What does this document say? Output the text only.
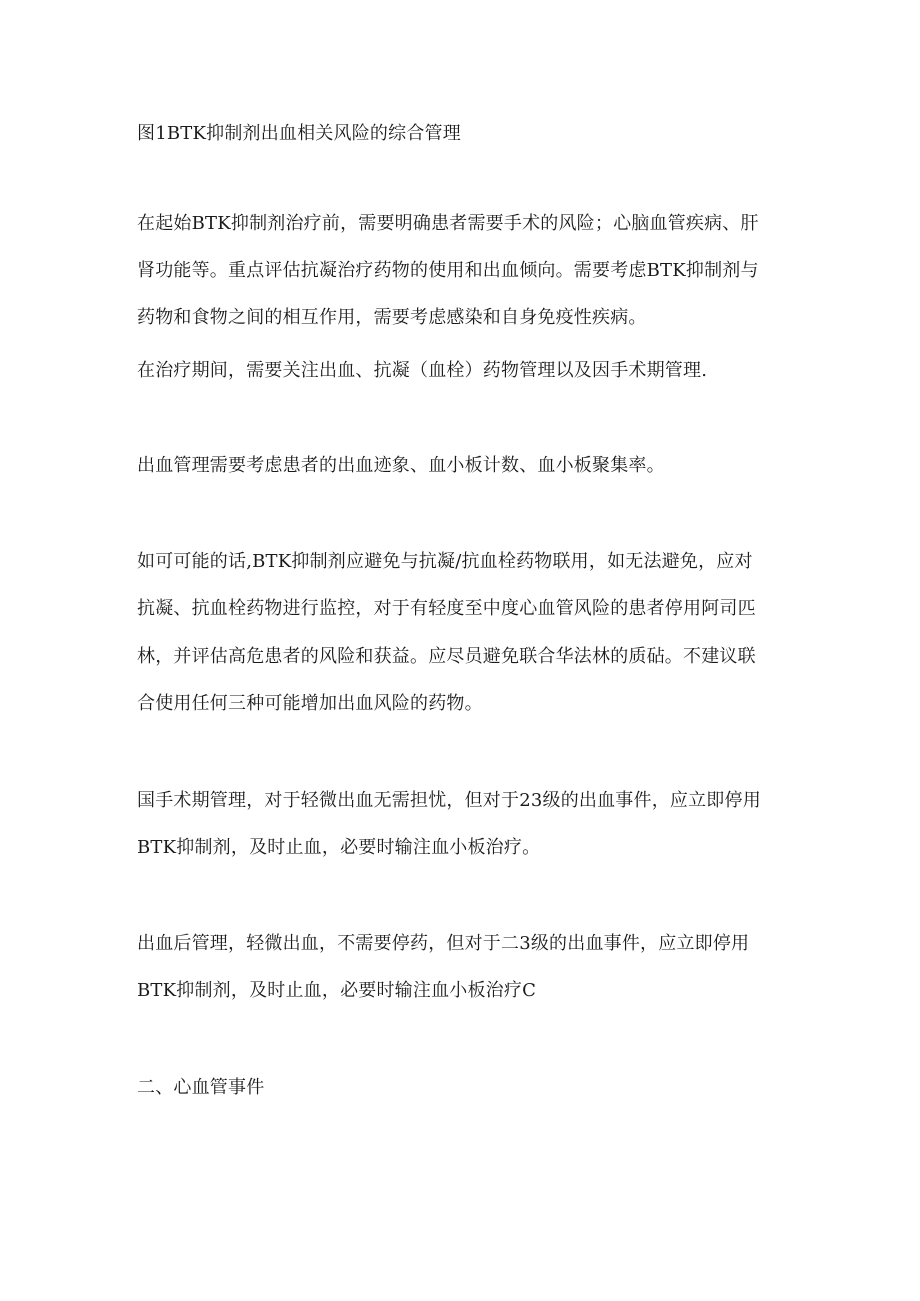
图1BTK抑制剂出血相关风险的综合管理
在起始BTK抑制剂治疗前，需要明确患者需要手术的风险；心脑血管疾病、肝
肾功能等。重点评估抗凝治疗药物的使用和出血倾向。需要考虑BTK抑制剂与
药物和食物之间的相互作用，需要考虑感染和自身免疫性疾病。
在治疗期间，需要关注出血、抗凝（血栓）药物管理以及因手术期管理.
出血管理需要考虑患者的出血迹象、血小板计数、血小板聚集率。
如可可能的话,BTK抑制剂应避免与抗凝/抗血栓药物联用，如无法避免，应对
抗凝、抗血栓药物进行监控，对于有轻度至中度心血管风险的患者停用阿司匹
林，并评估高危患者的风险和获益。应尽员避免联合华法林的质砧。不建议联
合使用任何三种可能增加出血风险的药物。
国手术期管理，对于轻微出血无需担忧，但对于23级的出血事件，应立即停用
BTK抑制剂，及时止血，必要时输注血小板治疗。
出血后管理，轻微出血，不需要停药，但对于二3级的出血事件，应立即停用
BTK抑制剂，及时止血，必要时输注血小板治疗C
二、心血管事件
